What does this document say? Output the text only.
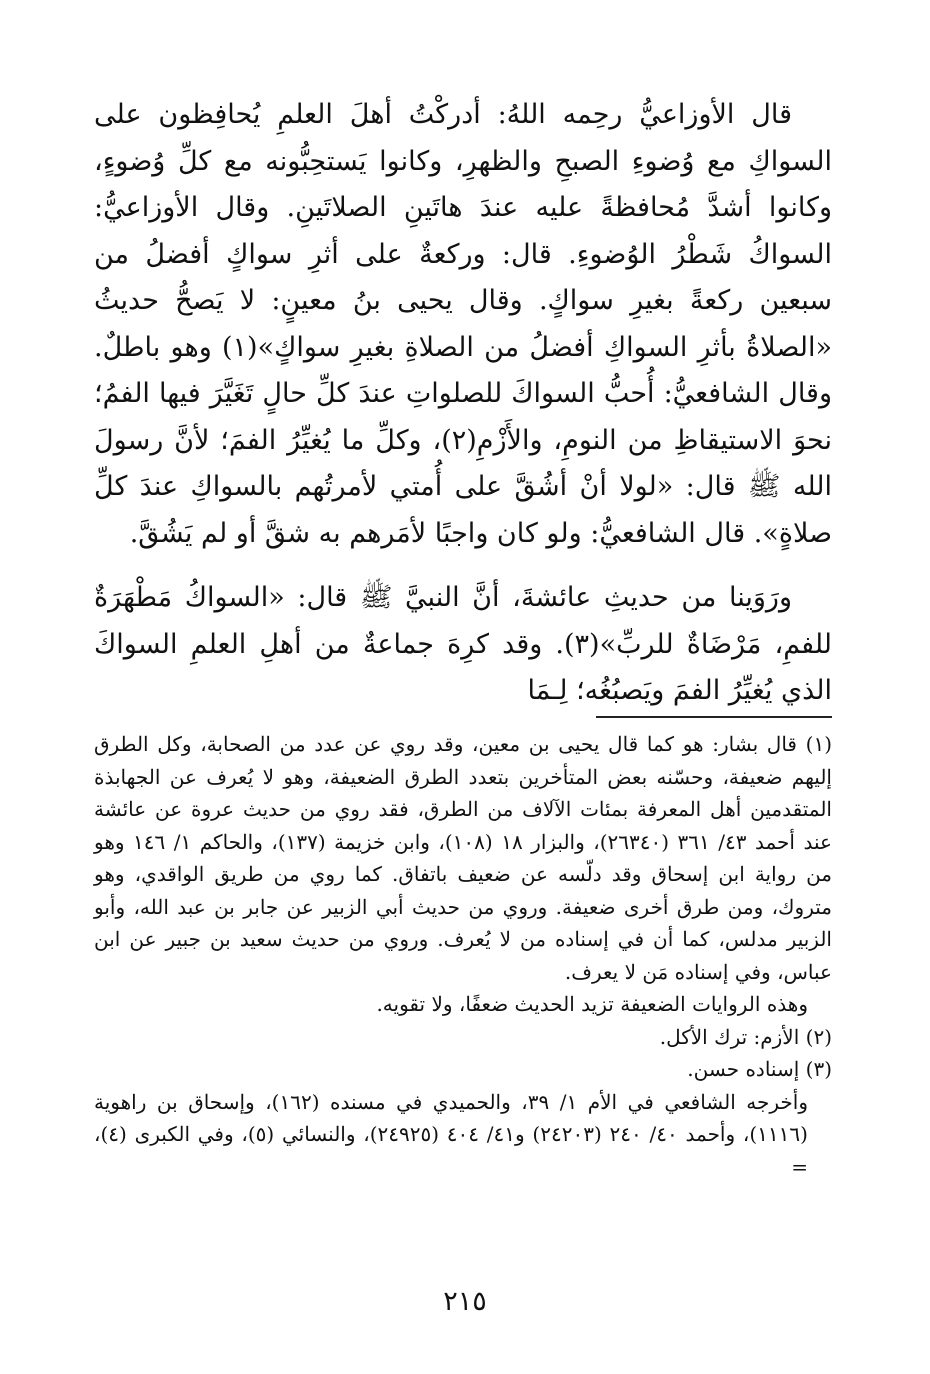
قال الأوزاعيُّ رحِمه اللهُ: أدركْتُ أهلَ العلمِ يُحافِظون على السواكِ مع وُضوءِ الصبحِ والظهرِ، وكانوا يَستحِبُّونه مع كلِّ وُضوءٍ، وكانوا أشدَّ مُحافظةً عليه عندَ هاتَينِ الصلاتَينِ. وقال الأوزاعيُّ: السواكُ شَطْرُ الوُضوءِ. قال: وركعةٌ على أثرِ سواكٍ أفضلُ من سبعين ركعةً بغيرِ سواكٍ. وقال يحيى بنُ معينٍ: لا يَصحُّ حديثُ «الصلاةُ بأثرِ السواكِ أفضلُ من الصلاةِ بغيرِ سواكٍ»(١) وهو باطلٌ. وقال الشافعيُّ: أُحبُّ السواكَ للصلواتِ عندَ كلِّ حالٍ تَغَيَّرَ فيها الفمُ؛ نحوَ الاستيقاظِ من النومِ، والأَزْمِ(٢)، وكلِّ ما يُغيِّرُ الفمَ؛ لأنَّ رسولَ الله ﷺ قال: «لولا أنْ أشُقَّ على أُمتي لأمرتُهم بالسواكِ عندَ كلِّ صلاةٍ». قال الشافعيُّ: ولو كان واجبًا لأمَرهم به شقَّ أو لم يَشُقَّ.

ورَوَينا من حديثِ عائشةَ، أنَّ النبيَّ ﷺ قال: «السواكُ مَطْهَرَةٌ للفمِ، مَرْضَاةٌ للربِّ»(٣). وقد كرِهَ جماعةٌ من أهلِ العلمِ السواكَ الذي يُغيِّرُ الفمَ ويَصبُغُه؛ لِـمَا

(١) قال بشار: هو كما قال يحيى بن معين، وقد روي عن عدد من الصحابة، وكل الطرق إليهم ضعيفة، وحسّنه بعض المتأخرين بتعدد الطرق الضعيفة، وهو لا يُعرف عن الجهابذة المتقدمين أهل المعرفة بمئات الآلاف من الطرق، فقد روي من حديث عروة عن عائشة عند أحمد ٤٣/ ٣٦١ (٢٦٣٤٠)، والبزار ١٨ (١٠٨)، وابن خزيمة (١٣٧)، والحاكم ١/ ١٤٦ وهو من رواية ابن إسحاق وقد دلّسه عن ضعيف باتفاق. كما روي من طريق الواقدي، وهو متروك، ومن طرق أخرى ضعيفة. وروي من حديث أبي الزبير عن جابر بن عبد الله، وأبو الزبير مدلس، كما أن في إسناده من لا يُعرف. وروي من حديث سعيد بن جبير عن ابن عباس، وفي إسناده مَن لا يعرف.

وهذه الروايات الضعيفة تزيد الحديث ضعفًا، ولا تقويه.

(٢) الأزم: ترك الأكل.

(٣) إسناده حسن.

وأخرجه الشافعي في الأم ١/ ٣٩، والحميدي في مسنده (١٦٢)، وإسحاق بن راهوية (١١١٦)، وأحمد ٤٠/ ٢٤٠ (٢٤٢٠٣) و٤١/ ٤٠٤ (٢٤٩٢٥)، والنسائي (٥)، وفي الكبرى (٤)، =

٢١٥
